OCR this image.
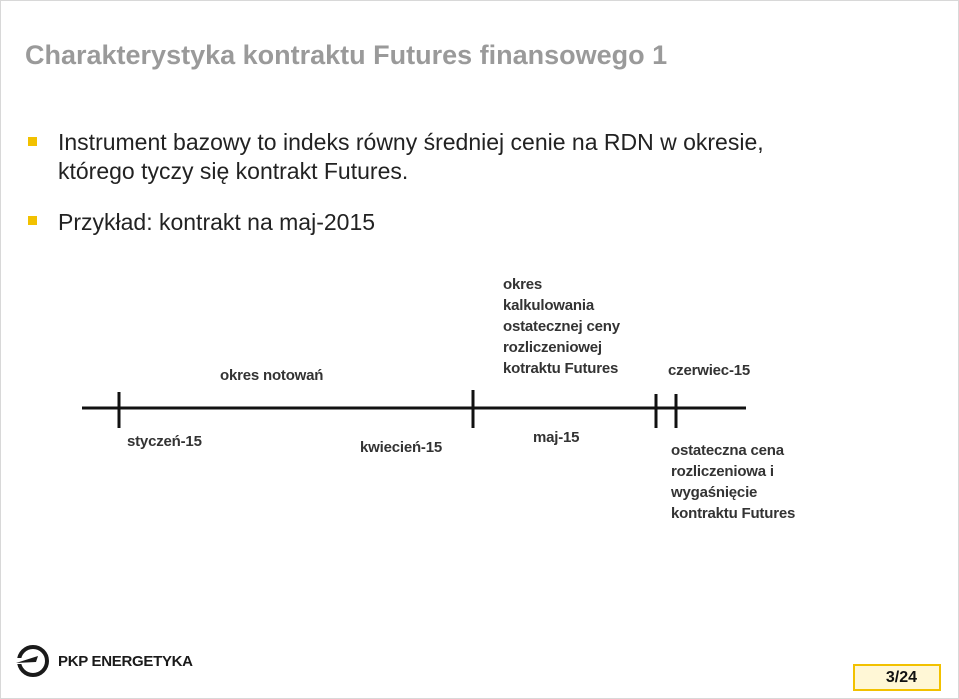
Charakterystyka kontraktu Futures finansowego 1
Instrument bazowy to indeks równy średniej cenie na RDN w okresie,
którego tyczy się kontrakt Futures.
Przykład: kontrakt na maj-2015
okres notowań	czerwiec-15
okres
kalkulowania
ostatecznej ceny
rozliczeniowej
kotraktu Futures
styczeń-15	kwiecień-15
maj-15
ostateczna cena
rozliczeniowa i
wygaśnięcie
kontraktu Futures
PKP ENERGETYKA
3/24
